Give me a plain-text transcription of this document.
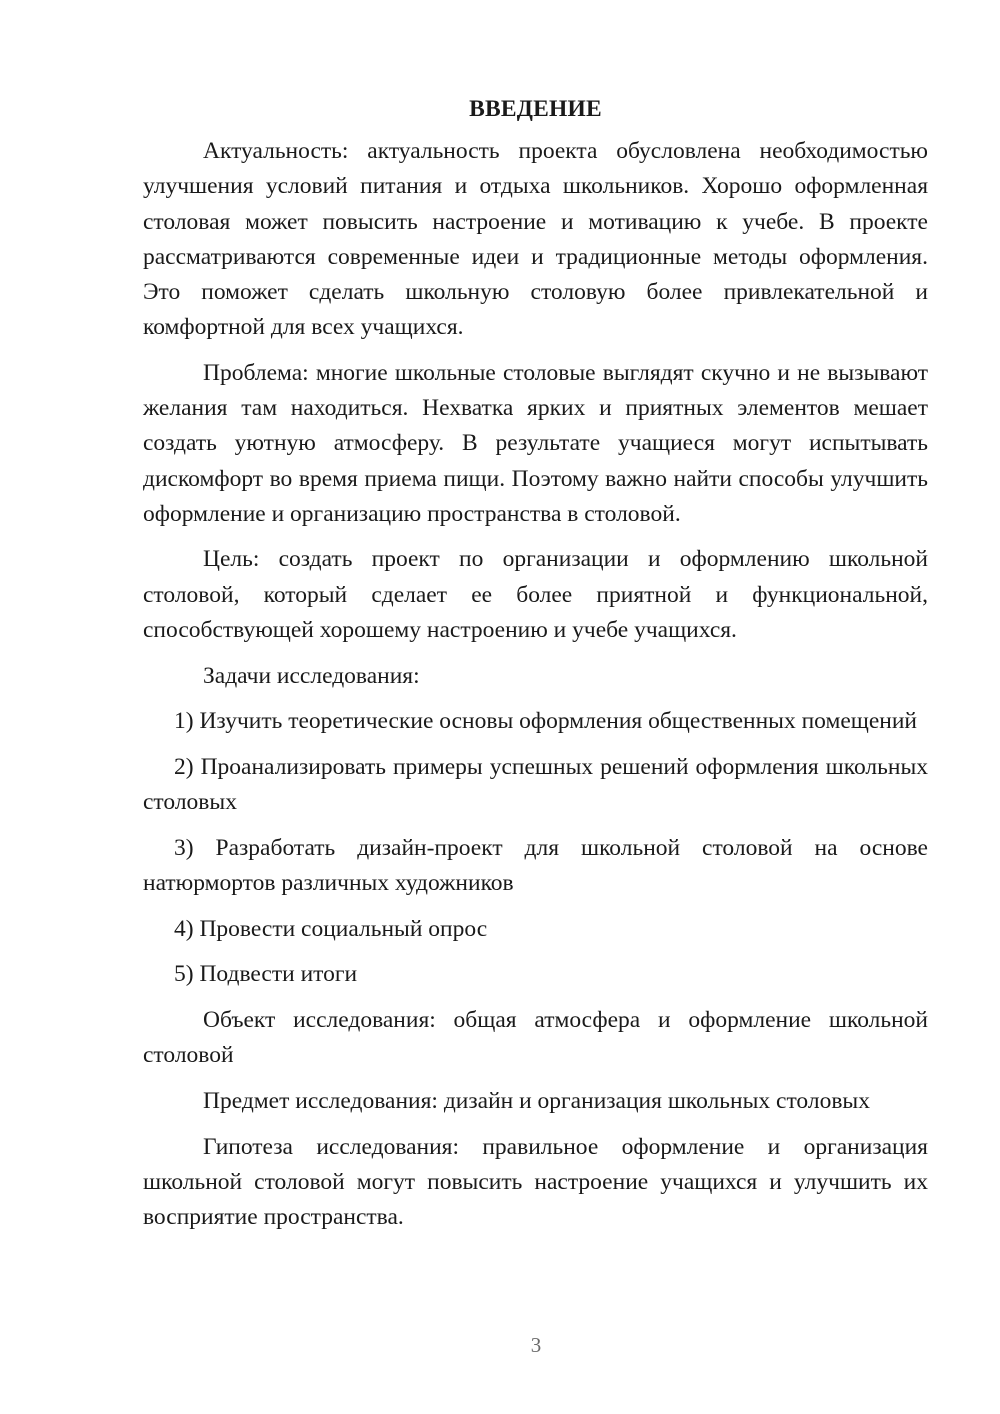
ВВЕДЕНИЕ

Актуальность: актуальность проекта обусловлена необходимостью улучшения условий питания и отдыха школьников. Хорошо оформленная столовая может повысить настроение и мотивацию к учебе. В проекте рассматриваются современные идеи и традиционные методы оформления. Это поможет сделать школьную столовую более привлекательной и комфортной для всех учащихся.

Проблема: многие школьные столовые выглядят скучно и не вызывают желания там находиться. Нехватка ярких и приятных элементов мешает создать уютную атмосферу. В результате учащиеся могут испытывать дискомфорт во время приема пищи. Поэтому важно найти способы улучшить оформление и организацию пространства в столовой.

Цель: создать проект по организации и оформлению школьной столовой, который сделает ее более приятной и функциональной, способствующей хорошему настроению и учебе учащихся.

Задачи исследования:

1) Изучить теоретические основы оформления общественных помещений

2) Проанализировать примеры успешных решений оформления школьных столовых

3) Разработать дизайн-проект для школьной столовой на основе натюрмортов различных художников

4) Провести социальный опрос

5) Подвести итоги

Объект исследования: общая атмосфера и оформление школьной столовой

Предмет исследования: дизайн и организация школьных столовых

Гипотеза исследования: правильное оформление и организация школьной столовой могут повысить настроение учащихся и улучшить их восприятие пространства.

3
